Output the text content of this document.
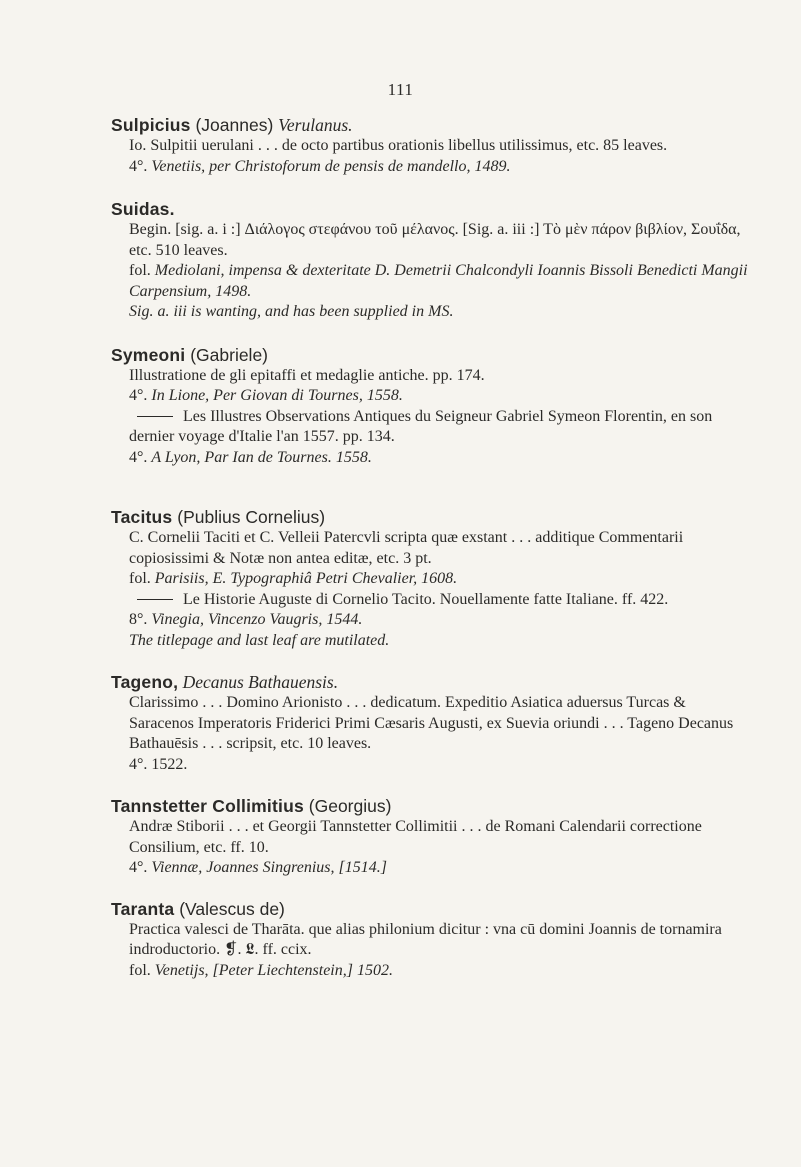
111

Sulpicius (Joannes) Verulanus.

Io. Sulpitii uerulani . . . de octo partibus orationis libellus utilissimus, etc. 85 leaves.

4°. Venetiis, per Christoforum de pensis de mandello, 1489.

Suidas.

Begin. [sig. a. i :] Διάλογος στεφάνου τοῦ μέλανος. [Sig. a. iii :] Τὸ μὲν πάρον βιβλίον, Σουΐδα, etc. 510 leaves.

fol. Mediolani, impensa & dexteritate D. Demetrii Chalcondyli Ioannis Bissoli Benedicti Mangii Carpensium, 1498.

Sig. a. iii is wanting, and has been supplied in MS.

Symeoni (Gabriele)

Illustratione de gli epitaffi et medaglie antiche. pp. 174.

4°. In Lione, Per Giovan di Tournes, 1558.

Les Illustres Observations Antiques du Seigneur Gabriel Symeon Florentin, en son dernier voyage d'Italie l'an 1557. pp. 134.

4°. A Lyon, Par Ian de Tournes. 1558.

Tacitus (Publius Cornelius)

C. Cornelii Taciti et C. Velleii Patercvli scripta quæ exstant . . . additique Commentarii copiosissimi & Notæ non antea editæ, etc. 3 pt.

fol. Parisiis, E. Typographiâ Petri Chevalier, 1608.

Le Historie Auguste di Cornelio Tacito. Nouellamente fatte Italiane. ff. 422.

8°. Vinegia, Vincenzo Vaugris, 1544.

The titlepage and last leaf are mutilated.

Tageno, Decanus Bathauensis.

Clarissimo . . . Domino Arionisto . . . dedicatum. Expeditio Asiatica aduersus Turcas & Saracenos Imperatoris Friderici Primi Cæsaris Augusti, ex Suevia oriundi . . . Tageno Decanus Bathauēsis . . . scripsit, etc. 10 leaves.

4°. 1522.

Tannstetter Collimitius (Georgius)

Andræ Stiborii . . . et Georgii Tannstetter Collimitii . . . de Romani Calendarii correctione Consilium, etc. ff. 10.

4°. Viennæ, Joannes Singrenius, [1514.]

Taranta (Valescus de)

Practica valesci de Tharāta. que alias philonium dicitur : vna cū domini Joannis de tornamira indroductorio. ❡. 𝕷. ff. ccix.

fol. Venetijs, [Peter Liechtenstein,] 1502.
